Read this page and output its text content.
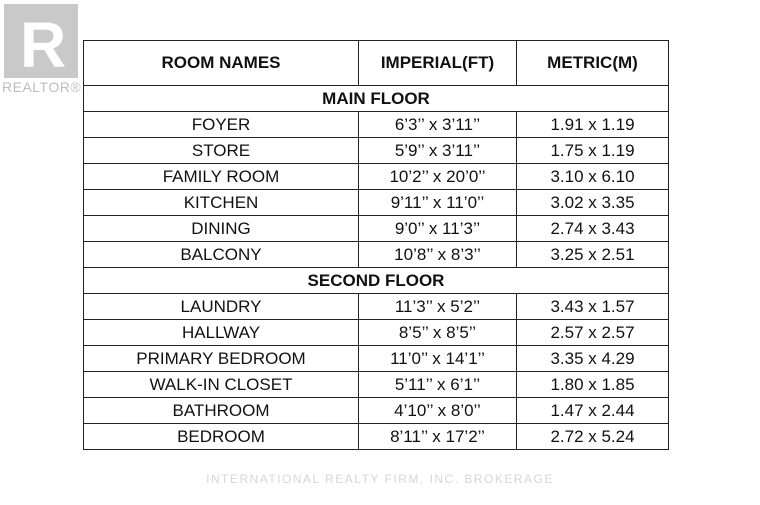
R
REALTOR®
ROOM NAMES	IMPERIAL(FT)	METRIC(M)
MAIN FLOOR		
FOYER	6’3’’ x 3’11’’	1.91 x 1.19
STORE	5’9’’ x 3’11’’	1.75 x 1.19
FAMILY ROOM	10’2’’ x 20’0’’	3.10 x 6.10
KITCHEN	9’11’’ x 11’0’’	3.02 x 3.35
DINING	9’0’’ x 11’3’’	2.74 x 3.43
BALCONY	10’8’’ x 8’3’’	3.25 x 2.51
SECOND FLOOR		
LAUNDRY	11’3’’ x 5’2’’	3.43 x 1.57
HALLWAY	8’5’’ x 8’5’’	2.57 x 2.57
PRIMARY BEDROOM	11’0’’ x 14’1’’	3.35 x 4.29
WALK-IN CLOSET	5’11’’ x 6’1’’	1.80 x 1.85
BATHROOM	4’10’’ x 8’0’’	1.47 x 2.44
BEDROOM	8’11’’ x 17’2’’	2.72 x 5.24
INTERNATIONAL REALTY FIRM, INC. BROKERAGE
